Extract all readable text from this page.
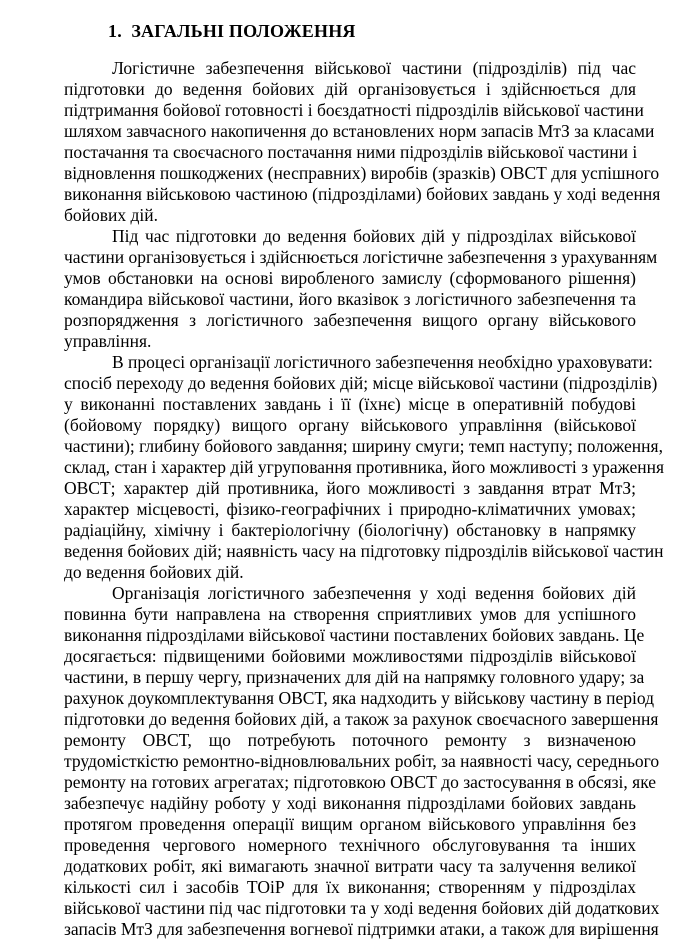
1. ЗАГАЛЬНІ ПОЛОЖЕННЯ

Логістичне забезпечення військової частини (підрозділів) під час
підготовки до ведення бойових дій організовується і здійснюється для
підтримання бойової готовності і боєздатності підрозділів військової частини
шляхом завчасного накопичення до встановлених норм запасів МтЗ за класами
постачання та своєчасного постачання ними підрозділів військової частини і
відновлення пошкоджених (несправних) виробів (зразків) ОВСТ для успішного
виконання військовою частиною (підрозділами) бойових завдань у ході ведення
бойових дій.

Під час підготовки до ведення бойових дій у підрозділах військової
частини організовується і здійснюється логістичне забезпечення з урахуванням
умов обстановки на основі виробленого замислу (сформованого рішення)
командира військової частини, його вказівок з логістичного забезпечення та
розпорядження з логістичного забезпечення вищого органу військового
управління.

В процесі організації логістичного забезпечення необхідно ураховувати:
спосіб переходу до ведення бойових дій; місце військової частини (підрозділів)
у виконанні поставлених завдань і її (їхнє) місце в оперативній побудові
(бойовому порядку) вищого органу військового управління (військової
частини); глибину бойового завдання; ширину смуги; темп наступу; положення,
склад, стан і характер дій угруповання противника, його можливості з ураження
ОВСТ; характер дій противника, його можливості з завдання втрат МтЗ;
характер місцевості, фізико-географічних і природно-кліматичних умовах;
радіаційну, хімічну і бактеріологічну (біологічну) обстановку в напрямку
ведення бойових дій; наявність часу на підготовку підрозділів військової частин
до ведення бойових дій.

Організація логістичного забезпечення у ході ведення бойових дій
повинна бути направлена на створення сприятливих умов для успішного
виконання підрозділами військової частини поставлених бойових завдань. Це
досягається: підвищеними бойовими можливостями підрозділів військової
частини, в першу чергу, призначених для дій на напрямку головного удару; за
рахунок доукомплектування ОВСТ, яка надходить у військову частину в період
підготовки до ведення бойових дій, а також за рахунок своєчасного завершення
ремонту ОВСТ, що потребують поточного ремонту з визначеною
трудомісткістю ремонтно-відновлювальних робіт, за наявності часу, середнього
ремонту на готових агрегатах; підготовкою ОВСТ до застосування в обсязі, яке
забезпечує надійну роботу у ході виконання підрозділами бойових завдань
протягом проведення операції вищим органом військового управління без
проведення чергового номерного технічного обслуговування та інших
додаткових робіт, які вимагають значної витрати часу та залучення великої
кількості сил і засобів ТОіР для їх виконання; створенням у підрозділах
військової частини під час підготовки та у ході ведення бойових дій додаткових
запасів МтЗ для забезпечення вогневої підтримки атаки, а також для вирішення
